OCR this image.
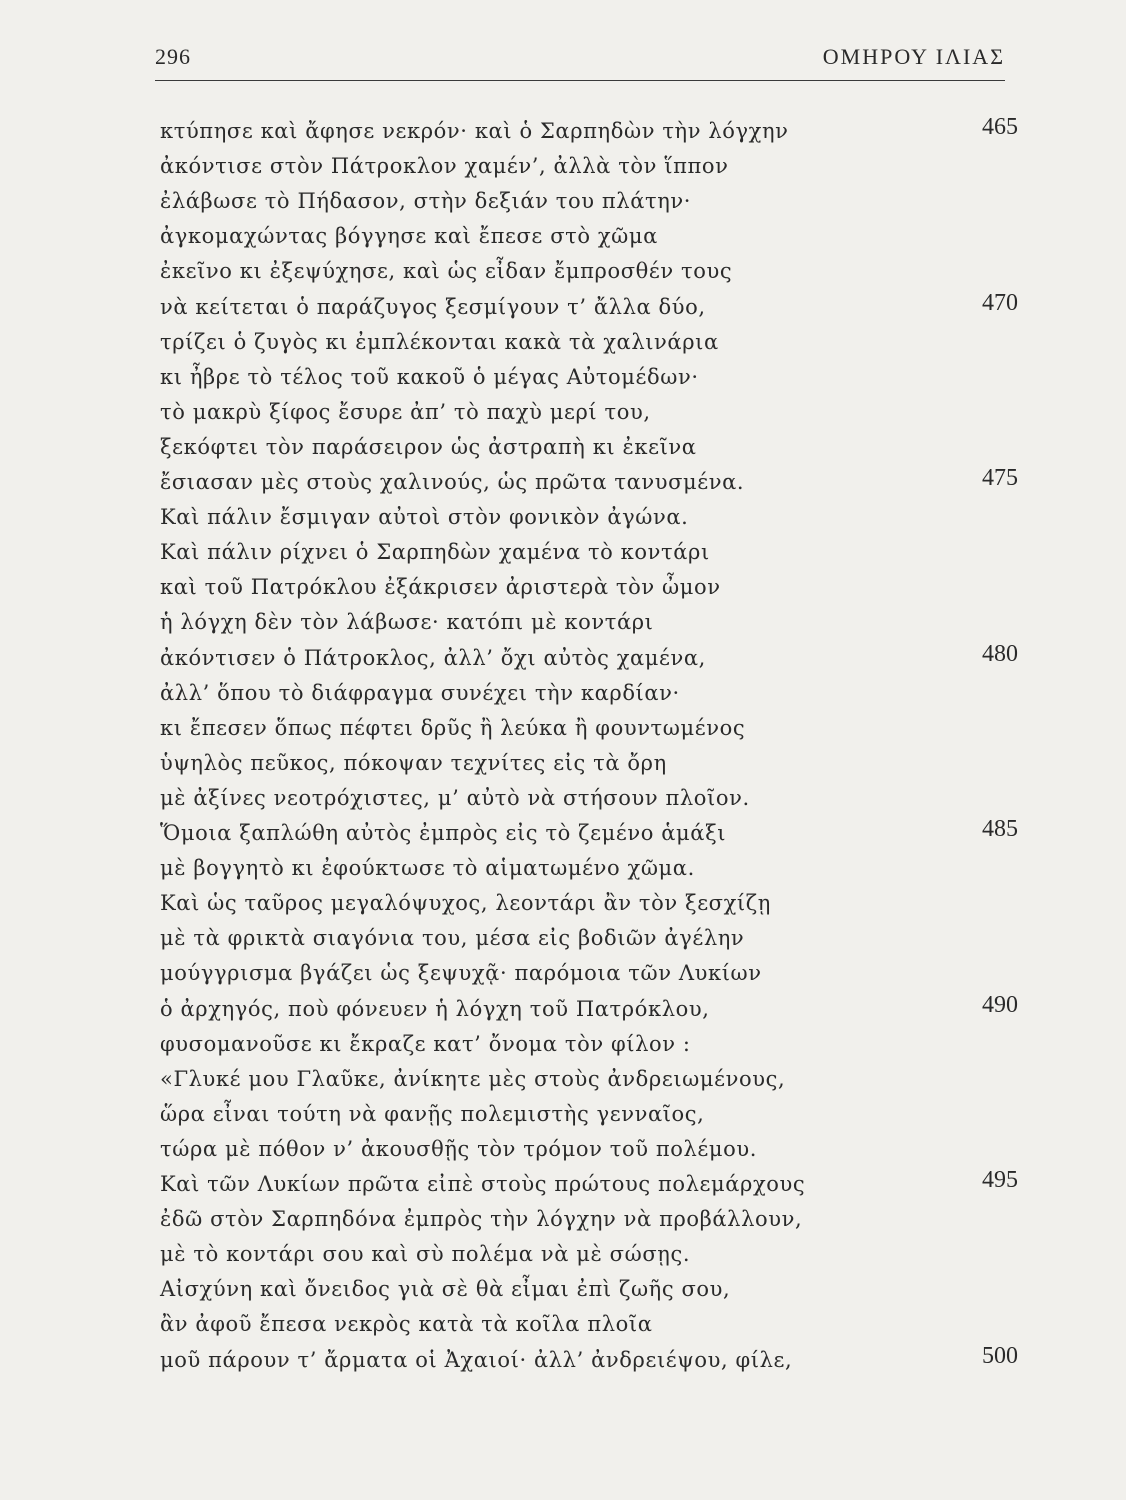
296	ΟΜΗΡΟΥ ΙΛΙΑΣ
κτύπησε καὶ ἄφησε νεκρόν· καὶ ὁ Σαρπηδὼν τὴν λόγχην	465
ἀκόντισε στὸν Πάτροκλον χαμέν’, ἀλλὰ τὸν ἵππον
ἐλάβωσε τὸ Πήδασον, στὴν δεξιάν του πλάτην·
ἀγκομαχώντας βόγγησε καὶ ἔπεσε στὸ χῶμα
ἐκεῖνο κι ἐξεψύχησε, καὶ ὡς εἶδαν ἔμπροσθέν τους
νὰ κείτεται ὁ παράζυγος ξεσμίγουν τ’ ἄλλα δύο,	470
τρίζει ὁ ζυγὸς κι ἐμπλέκονται κακὰ τὰ χαλινάρια
κι ἦβρε τὸ τέλος τοῦ κακοῦ ὁ μέγας Αὐτομέδων·
τὸ μακρὺ ξίφος ἔσυρε ἀπ’ τὸ παχὺ μερί του,
ξεκόφτει τὸν παράσειρον ὡς ἀστραπὴ κι ἐκεῖνα
ἔσιασαν μὲς στοὺς χαλινούς, ὡς πρῶτα τανυσμένα.	475
Καὶ πάλιν ἔσμιγαν αὐτοὶ στὸν φονικὸν ἀγώνα.
Καὶ πάλιν ρίχνει ὁ Σαρπηδὼν χαμένα τὸ κοντάρι
καὶ τοῦ Πατρόκλου ἐξάκρισεν ἀριστερὰ τὸν ὦμον
ἡ λόγχη δὲν τὸν λάβωσε· κατόπι μὲ κοντάρι
ἀκόντισεν ὁ Πάτροκλος, ἀλλ’ ὄχι αὐτὸς χαμένα,	480
ἀλλ’ ὅπου τὸ διάφραγμα συνέχει τὴν καρδίαν·
κι ἔπεσεν ὅπως πέφτει δρῦς ἢ λεύκα ἢ φουντωμένος
ὑψηλὸς πεῦκος, πόκοψαν τεχνίτες εἰς τὰ ὄρη
μὲ ἀξίνες νεοτρόχιστες, μ’ αὐτὸ νὰ στήσουν πλοῖον.
Ὅμοια ξαπλώθη αὐτὸς ἐμπρὸς εἰς τὸ ζεμένο ἁμάξι	485
μὲ βογγητὸ κι ἐφούκτωσε τὸ αἱματωμένο χῶμα.
Καὶ ὡς ταῦρος μεγαλόψυχος, λεοντάρι ἂν τὸν ξεσχίζῃ
μὲ τὰ φρικτὰ σιαγόνια του, μέσα εἰς βοδιῶν ἀγέλην
μούγγρισμα βγάζει ὡς ξεψυχᾷ· παρόμοια τῶν Λυκίων
ὁ ἀρχηγός, ποὺ φόνευεν ἡ λόγχη τοῦ Πατρόκλου,	490
φυσομανοῦσε κι ἔκραζε κατ’ ὄνομα τὸν φίλον :
«Γλυκέ μου Γλαῦκε, ἀνίκητε μὲς στοὺς ἀνδρειωμένους,
ὥρα εἶναι τούτη νὰ φανῇς πολεμιστὴς γενναῖος,
τώρα μὲ πόθον ν’ ἀκουσθῇς τὸν τρόμον τοῦ πολέμου.
Καὶ τῶν Λυκίων πρῶτα εἰπὲ στοὺς πρώτους πολεμάρχους	495
ἐδῶ στὸν Σαρπηδόνα ἐμπρὸς τὴν λόγχην νὰ προβάλλουν,
μὲ τὸ κοντάρι σου καὶ σὺ πολέμα νὰ μὲ σώσῃς.
Αἰσχύνη καὶ ὄνειδος γιὰ σὲ θὰ εἶμαι ἐπὶ ζωῆς σου,
ἂν ἀφοῦ ἔπεσα νεκρὸς κατὰ τὰ κοῖλα πλοῖα
μοῦ πάρουν τ’ ἄρματα οἱ Ἀχαιοί· ἀλλ’ ἀνδρειέψου, φίλε,	500
